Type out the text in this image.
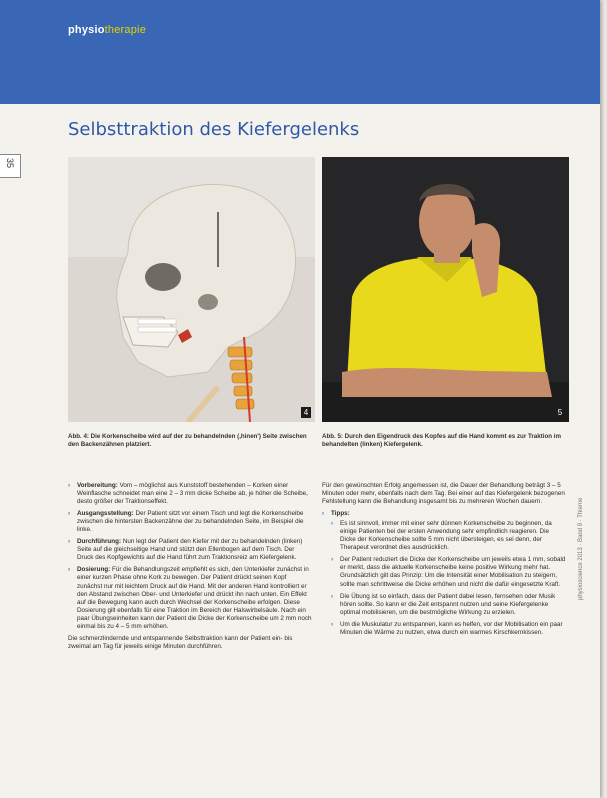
physiotherapie
35
Selbsttraktion des Kiefergelenks
4	5
Abb. 4: Die Korkenscheibe wird auf der zu behandelnden (,hinen') Seite zwischen den Backenzähnen platziert.
Abb. 5: Durch den Eigendruck des Kopfes auf die Hand kommt es zur Traktion im behandelten (linken) Kiefergelenk.
› Vorbereitung: Vom – möglichst aus Kunststoff bestehenden – Korken einer Weinflasche schneidet man eine 2 – 3 mm dicke Scheibe ab, je höher die Scheibe, desto größer der Traktionseffekt.
› Ausgangsstellung: Der Patient sitzt vor einem Tisch und legt die Korkenscheibe zwischen die hintersten Backenzähne der zu behandelnden Seite, im Beispiel die linke.
› Durchführung: Nun legt der Patient den Kiefer mit der zu behandelnden (linken) Seite auf die gleichseitige Hand und stützt den Ellenbogen auf dem Tisch. Der Druck des Kopfgewichts auf die Hand führt zum Traktionsreiz am Kiefergelenk.
› Dosierung: Für die Behandlungszeit empfiehlt es sich, den Unterkiefer zunächst in einer kurzen Phase ohne Kork zu bewegen. Der Patient drückt seinen Kopf zunächst nur mit leichtem Druck auf die Hand. Mit der anderen Hand kontrolliert er den Abstand zwischen Ober- und Unterkiefer und drückt ihn nach unten. Ein Effekt auf die Bewegung kann auch durch Wechsel der Korkenscheibe erfolgen. Diese Dosierung gilt ebenfalls für eine Traktion im Bereich der Halswirbelsäule. Nach ein paar Übungseinheiten kann der Patient die Dicke der Korkenscheibe um 2 mm noch einmal bis zu 4 – 5 mm erhöhen.
Die schmerzlindernde und entspannende Selbsttraktion kann der Patient ein- bis zweimal am Tag für jeweils einige Minuten durchführen.
Für den gewünschten Erfolg angemessen ist, die Dauer der Behandlung beträgt 3 – 5 Minuten oder mehr, ebenfalls nach dem Tag. Bei einer auf das Kiefergelenk bezogenen Fehlstellung kann die Behandlung insgesamt bis zu mehreren Wochen dauern.
› Tipps:
› Es ist sinnvoll, immer mit einer sehr dünnen Korkenscheibe zu beginnen, da einige Patienten bei der ersten Anwendung sehr empfindlich reagieren. Die Dicke der Korkenscheibe sollte 5 mm nicht übersteigen, es sei denn, der Therapeut verordnet dies ausdrücklich.
› Der Patient reduziert die Dicke der Korkenscheibe um jeweils etwa 1 mm, sobald er merkt, dass die aktuelle Korkenscheibe keine positive Wirkung mehr hat. Grundsätzlich gilt das Prinzip: Um die Intensität einer Mobilisation zu steigern, sollte man schrittweise die Dicke erhöhen und nicht die dafür eingesetzte Kraft.
› Die Übung ist so einfach, dass der Patient dabei lesen, fernsehen oder Musik hören sollte. So kann er die Zeit entspannt nutzen und seine Kiefergelenke optimal mobilisieren, um die bestmögliche Wirkung zu erzielen.
› Um die Muskulatur zu entspannen, kann es helfen, vor der Mobilisation ein paar Minuten die Wärme zu nutzen, etwa durch ein warmes Kirschkernkissen.
physioscience 2013 · Band 9 · Thieme
